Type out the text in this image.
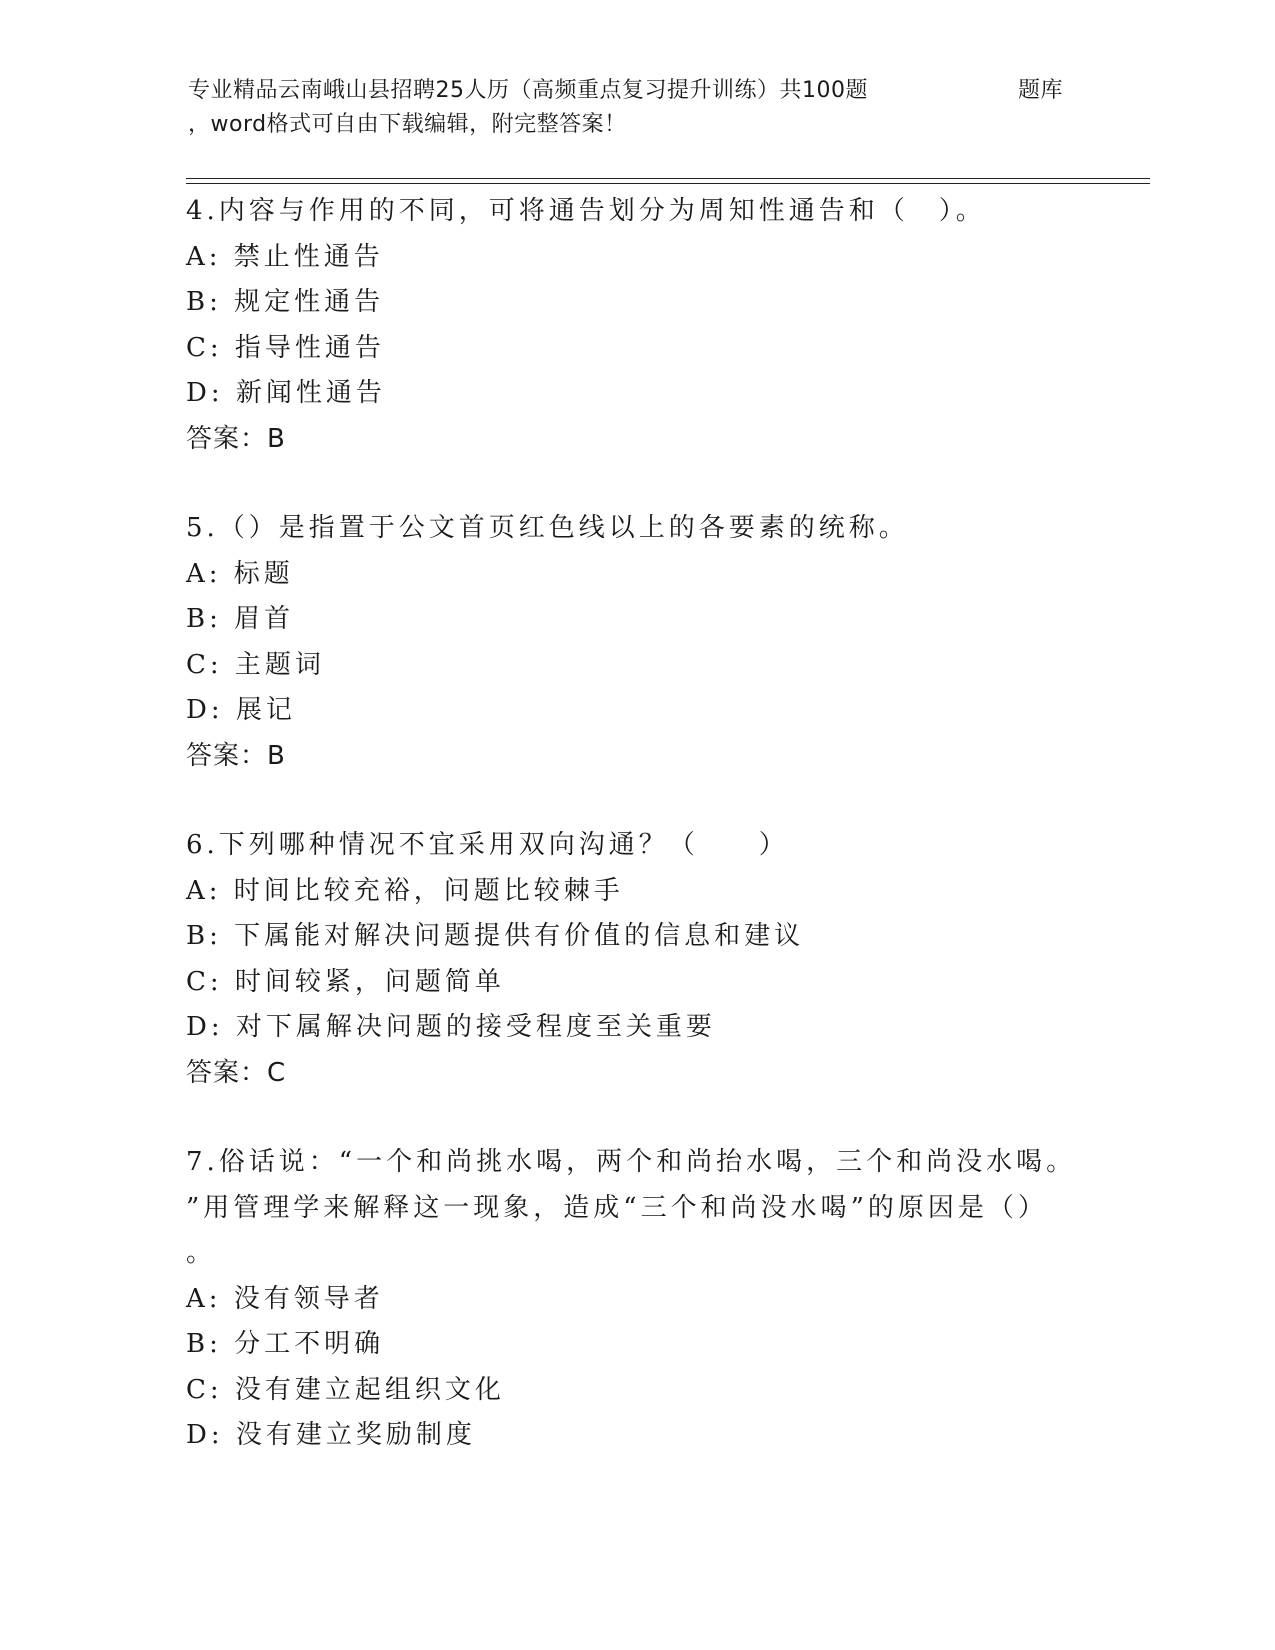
专业精品云南峨山县招聘25人历（高频重点复习提升训练）共100题	题库
，word格式可自由下载编辑，附完整答案！
4.内容与作用的不同，可将通告划分为周知性通告和（　）。
A: 禁止性通告
B: 规定性通告
C: 指导性通告
D: 新闻性通告
答案：B
5.（）是指置于公文首页红色线以上的各要素的统称。
A: 标题
B: 眉首
C: 主题词
D: 展记
答案：B
6.下列哪种情况不宜采用双向沟通？（　　）
A: 时间比较充裕，问题比较棘手
B: 下属能对解决问题提供有价值的信息和建议
C: 时间较紧，问题简单
D: 对下属解决问题的接受程度至关重要
答案：C
7.俗话说：“一个和尚挑水喝，两个和尚抬水喝，三个和尚没水喝。
”用管理学来解释这一现象，造成“三个和尚没水喝”的原因是（）
。
A: 没有领导者
B: 分工不明确
C: 没有建立起组织文化
D: 没有建立奖励制度
